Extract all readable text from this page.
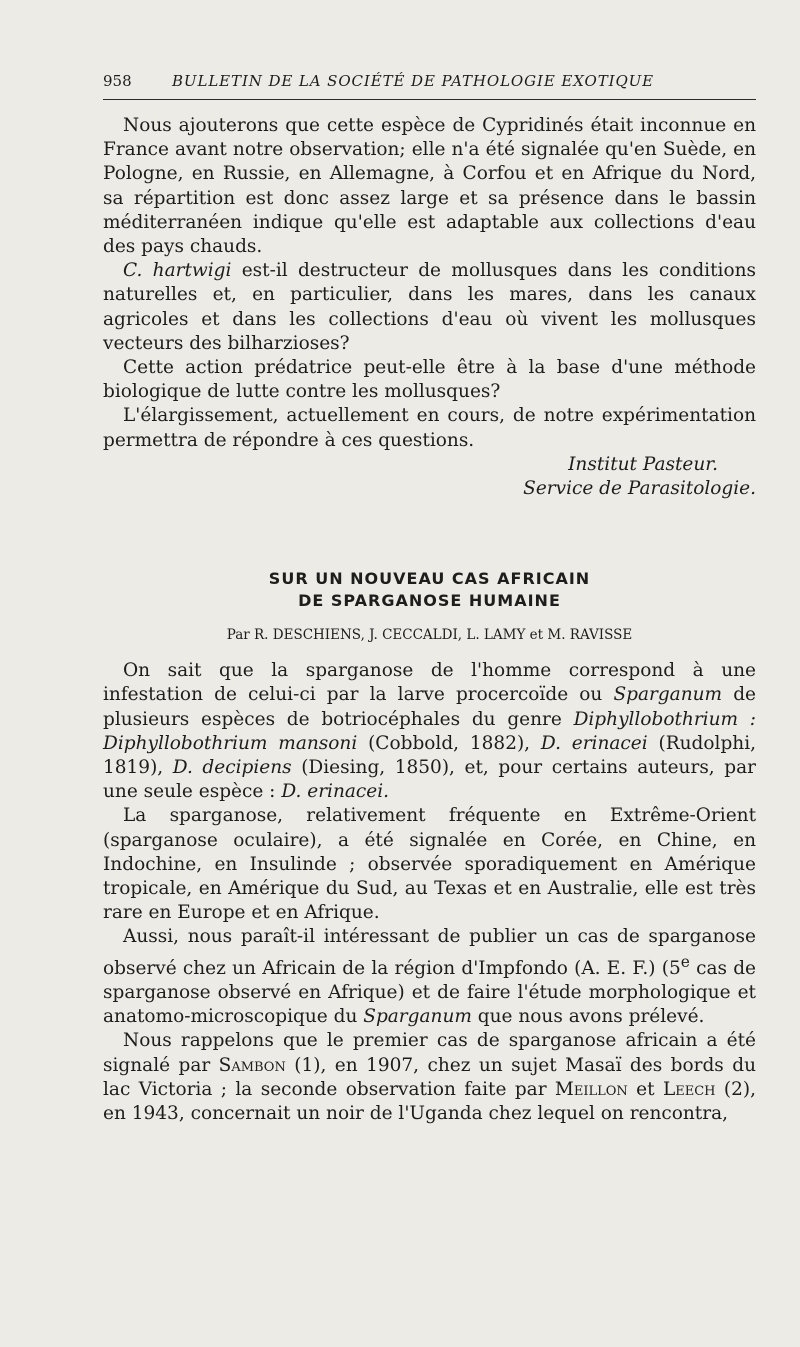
958	BULLETIN DE LA SOCIÉTÉ DE PATHOLOGIE EXOTIQUE

Nous ajouterons que cette espèce de Cypridinés était inconnue en France avant notre observation; elle n'a été signalée qu'en Suède, en Pologne, en Russie, en Allemagne, à Corfou et en Afrique du Nord, sa répartition est donc assez large et sa présence dans le bassin méditerranéen indique qu'elle est adaptable aux collections d'eau des pays chauds.

C. hartwigi est-il destructeur de mollusques dans les conditions naturelles et, en particulier, dans les mares, dans les canaux agricoles et dans les collections d'eau où vivent les mollusques vecteurs des bilharzioses?

Cette action prédatrice peut-elle être à la base d'une méthode biologique de lutte contre les mollusques?

L'élargissement, actuellement en cours, de notre expérimentation permettra de répondre à ces questions.

Institut Pasteur.
Service de Parasitologie.
SUR UN NOUVEAU CAS AFRICAIN
DE SPARGANOSE HUMAINE
Par R. DESCHIENS, J. CECCALDI, L. LAMY et M. RAVISSE

On sait que la sparganose de l'homme correspond à une infestation de celui-ci par la larve procercoïde ou Sparganum de plusieurs espèces de botriocéphales du genre Diphyllobothrium : Diphyllobothrium mansoni (Cobbold, 1882), D. erinacei (Rudolphi, 1819), D. decipiens (Diesing, 1850), et, pour certains auteurs, par une seule espèce : D. erinacei.

La sparganose, relativement fréquente en Extrême-Orient (sparganose oculaire), a été signalée en Corée, en Chine, en Indochine, en Insulinde ; observée sporadiquement en Amérique tropicale, en Amérique du Sud, au Texas et en Australie, elle est très rare en Europe et en Afrique.

Aussi, nous paraît-il intéressant de publier un cas de sparganose observé chez un Africain de la région d'Impfondo (A. E. F.) (5e cas de sparganose observé en Afrique) et de faire l'étude morphologique et anatomo-microscopique du Sparganum que nous avons prélevé.

Nous rappelons que le premier cas de sparganose africain a été signalé par Sambon (1), en 1907, chez un sujet Masaï des bords du lac Victoria ; la seconde observation faite par Meillon et Leech (2), en 1943, concernait un noir de l'Uganda chez lequel on rencontra,
